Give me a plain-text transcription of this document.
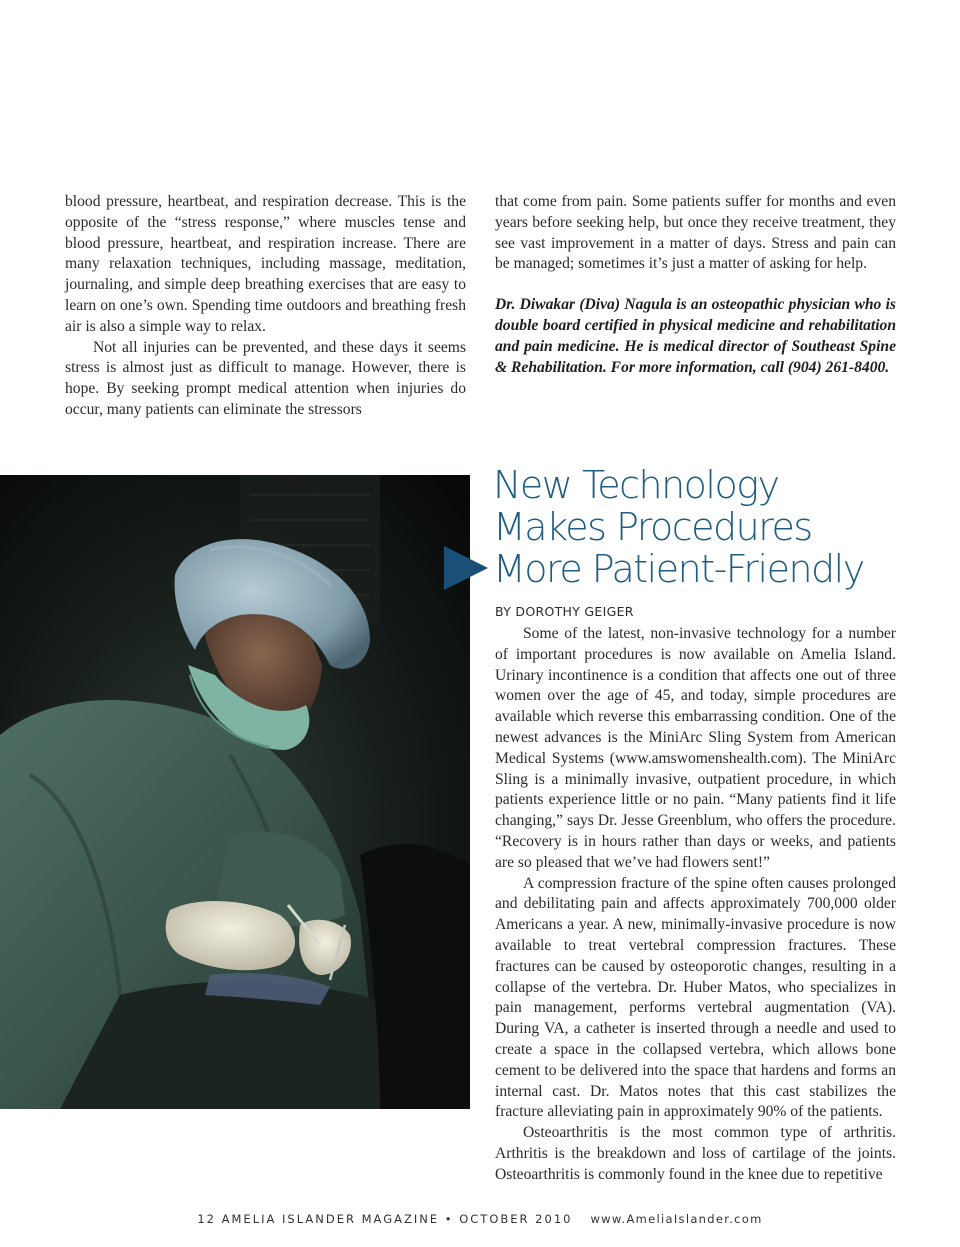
blood pressure, heartbeat, and respiration decrease. This is the opposite of the “stress response,” where muscles tense and blood pressure, heartbeat, and respiration increase. There are many relaxation techniques, including massage, meditation, journaling, and simple deep breathing exercises that are easy to learn on one’s own. Spending time outdoors and breathing fresh air is also a simple way to relax.

Not all injuries can be prevented, and these days it seems stress is almost just as difficult to manage. However, there is hope. By seeking prompt medical attention when injuries do occur, many patients can eliminate the stressors

that come from pain. Some patients suffer for months and even years before seeking help, but once they receive treatment, they see vast improvement in a matter of days. Stress and pain can be managed; sometimes it’s just a matter of asking for help.

Dr. Diwakar (Diva) Nagula is an osteopathic physician who is double board certified in physical medicine and rehabilitation and pain medicine. He is medical director of Southeast Spine & Rehabilitation. For more information, call (904) 261-8400.

New Technology
Makes Procedures
More Patient-Friendly
BY DOROTHY GEIGER

Some of the latest, non-invasive technology for a number of important procedures is now available on Amelia Island. Urinary incontinence is a condition that affects one out of three women over the age of 45, and today, simple procedures are available which reverse this embarrassing condition. One of the newest advances is the MiniArc Sling System from American Medical Systems (www.amswomenshealth.com). The MiniArc Sling is a minimally invasive, outpatient procedure, in which patients experience little or no pain. “Many patients find it life changing,” says Dr. Jesse Greenblum, who offers the procedure. “Recovery is in hours rather than days or weeks, and patients are so pleased that we’ve had flowers sent!”

A compression fracture of the spine often causes prolonged and debilitating pain and affects approximately 700,000 older Americans a year. A new, minimally-invasive procedure is now available to treat vertebral compression fractures. These fractures can be caused by osteoporotic changes, resulting in a collapse of the vertebra. Dr. Huber Matos, who specializes in pain management, performs vertebral augmentation (VA). During VA, a catheter is inserted through a needle and used to create a space in the collapsed vertebra, which allows bone cement to be delivered into the space that hardens and forms an internal cast. Dr. Matos notes that this cast stabilizes the fracture alleviating pain in approximately 90% of the patients.

Osteoarthritis is the most common type of arthritis. Arthritis is the breakdown and loss of cartilage of the joints. Osteoarthritis is commonly found in the knee due to repetitive

12 AMELIA ISLANDER MAGAZINE • OCTOBER 2010 www.AmeliaIslander.com
